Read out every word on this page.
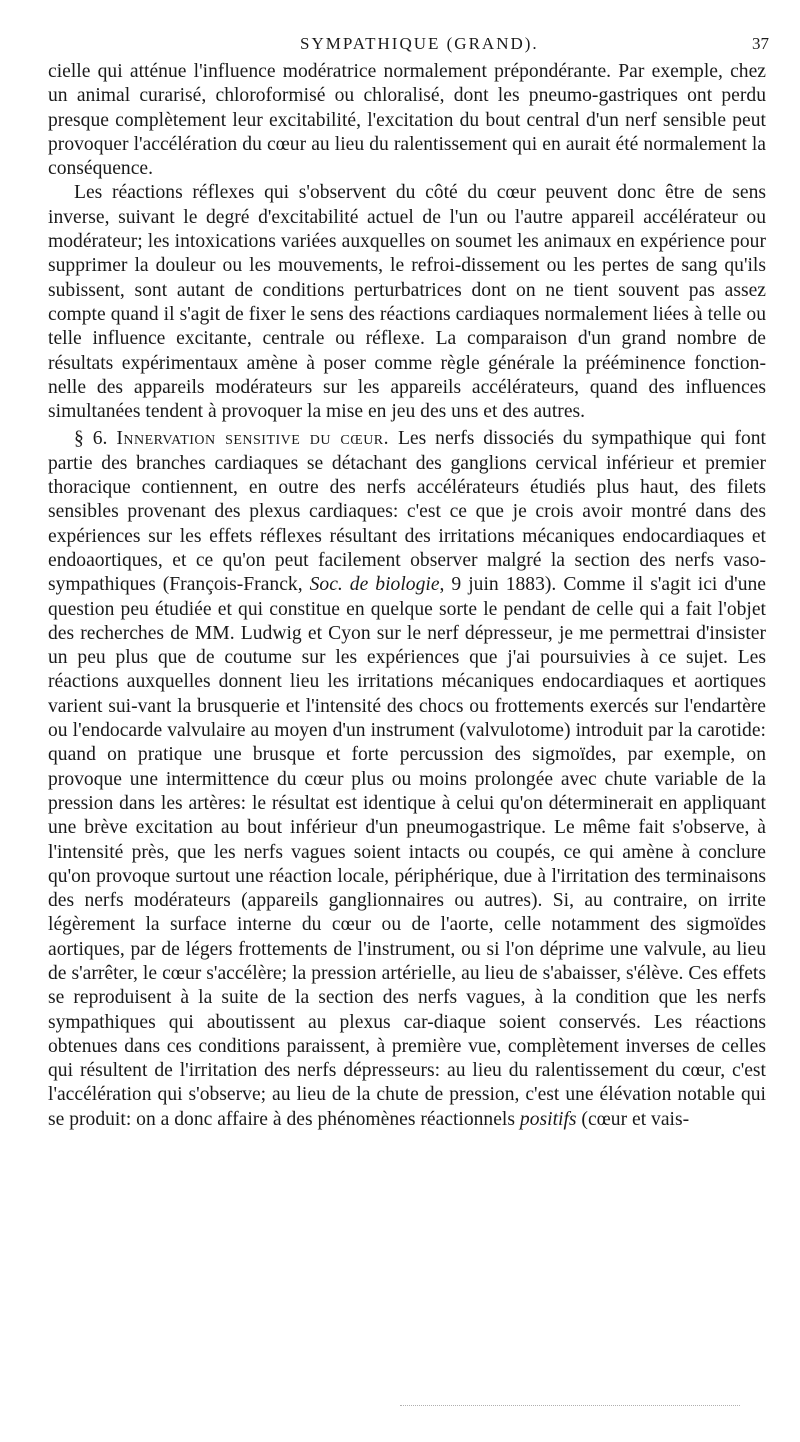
SYMPATHIQUE (GRAND).	37

cielle qui atténue l'influence modératrice normalement prépondérante. Par exemple, chez un animal curarisé, chloroformisé ou chloralisé, dont les pneumo-gastriques ont perdu presque complètement leur excitabilité, l'excitation du bout central d'un nerf sensible peut provoquer l'accélération du cœur au lieu du ralentissement qui en aurait été normalement la conséquence.

Les réactions réflexes qui s'observent du côté du cœur peuvent donc être de sens inverse, suivant le degré d'excitabilité actuel de l'un ou l'autre appareil accélérateur ou modérateur; les intoxications variées auxquelles on soumet les animaux en expérience pour supprimer la douleur ou les mouvements, le refroi-dissement ou les pertes de sang qu'ils subissent, sont autant de conditions perturbatrices dont on ne tient souvent pas assez compte quand il s'agit de fixer le sens des réactions cardiaques normalement liées à telle ou telle influence excitante, centrale ou réflexe. La comparaison d'un grand nombre de résultats expérimentaux amène à poser comme règle générale la prééminence fonction-nelle des appareils modérateurs sur les appareils accélérateurs, quand des influences simultanées tendent à provoquer la mise en jeu des uns et des autres.

§ 6. Innervation sensitive du cœur. Les nerfs dissociés du sympathique qui font partie des branches cardiaques se détachant des ganglions cervical inférieur et premier thoracique contiennent, en outre des nerfs accélérateurs étudiés plus haut, des filets sensibles provenant des plexus cardiaques: c'est ce que je crois avoir montré dans des expériences sur les effets réflexes résultant des irritations mécaniques endocardiaques et endoaortiques, et ce qu'on peut facilement observer malgré la section des nerfs vaso-sympathiques (François-Franck, Soc. de biologie, 9 juin 1883). Comme il s'agit ici d'une question peu étudiée et qui constitue en quelque sorte le pendant de celle qui a fait l'objet des recherches de MM. Ludwig et Cyon sur le nerf dépresseur, je me permettrai d'insister un peu plus que de coutume sur les expériences que j'ai poursuivies à ce sujet. Les réactions auxquelles donnent lieu les irritations mécaniques endocardiaques et aortiques varient sui-vant la brusquerie et l'intensité des chocs ou frottements exercés sur l'endartère ou l'endocarde valvulaire au moyen d'un instrument (valvulotome) introduit par la carotide: quand on pratique une brusque et forte percussion des sigmoïdes, par exemple, on provoque une intermittence du cœur plus ou moins prolongée avec chute variable de la pression dans les artères: le résultat est identique à celui qu'on déterminerait en appliquant une brève excitation au bout inférieur d'un pneumogastrique. Le même fait s'observe, à l'intensité près, que les nerfs vagues soient intacts ou coupés, ce qui amène à conclure qu'on provoque surtout une réaction locale, périphérique, due à l'irritation des terminaisons des nerfs modérateurs (appareils ganglionnaires ou autres). Si, au contraire, on irrite légèrement la surface interne du cœur ou de l'aorte, celle notamment des sigmoïdes aortiques, par de légers frottements de l'instrument, ou si l'on déprime une valvule, au lieu de s'arrêter, le cœur s'accélère; la pression artérielle, au lieu de s'abaisser, s'élève. Ces effets se reproduisent à la suite de la section des nerfs vagues, à la condition que les nerfs sympathiques qui aboutissent au plexus car-diaque soient conservés. Les réactions obtenues dans ces conditions paraissent, à première vue, complètement inverses de celles qui résultent de l'irritation des nerfs dépresseurs: au lieu du ralentissement du cœur, c'est l'accélération qui s'observe; au lieu de la chute de pression, c'est une élévation notable qui se produit: on a donc affaire à des phénomènes réactionnels positifs (cœur et vais-
